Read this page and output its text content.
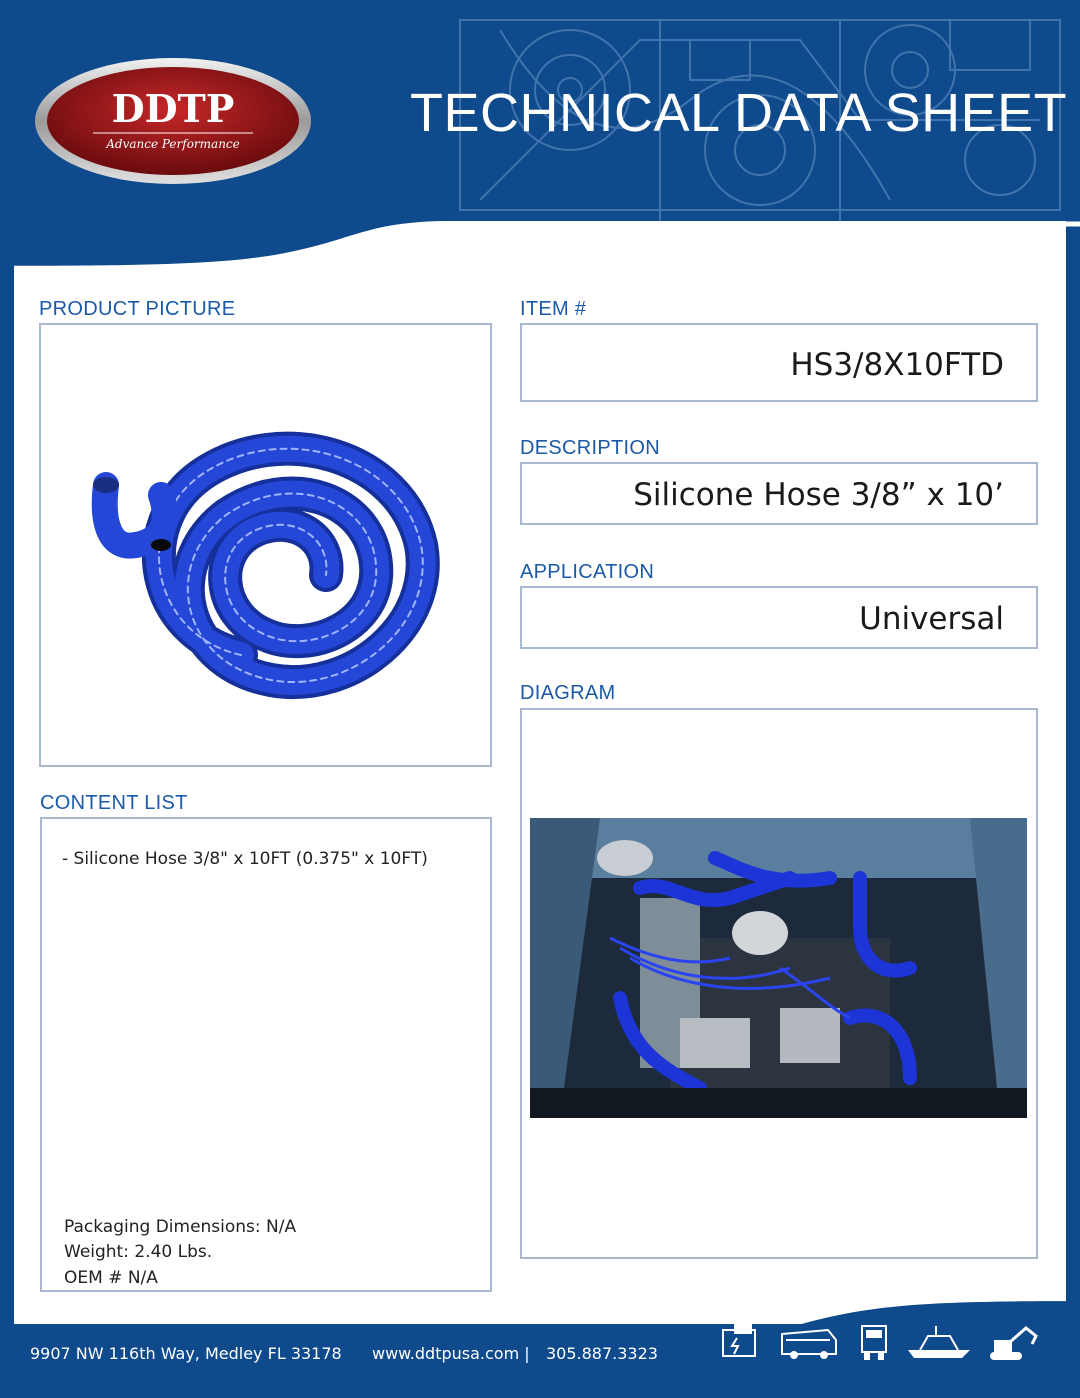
DDTP
Advance Performance
TECHNICAL DATA SHEET
PRODUCT PICTURE	ITEM #
HS3/8X10FTD
DESCRIPTION
Silicone Hose 3/8” x 10’
APPLICATION
Universal
DIAGRAM
CONTENT LIST
- Silicone Hose 3/8" x 10FT (0.375" x 10FT)
Packaging Dimensions: N/A
Weight: 2.40 Lbs.
OEM # N/A
9907 NW 116th Way, Medley FL 33178 www.ddtpusa.com | 305.887.3323
